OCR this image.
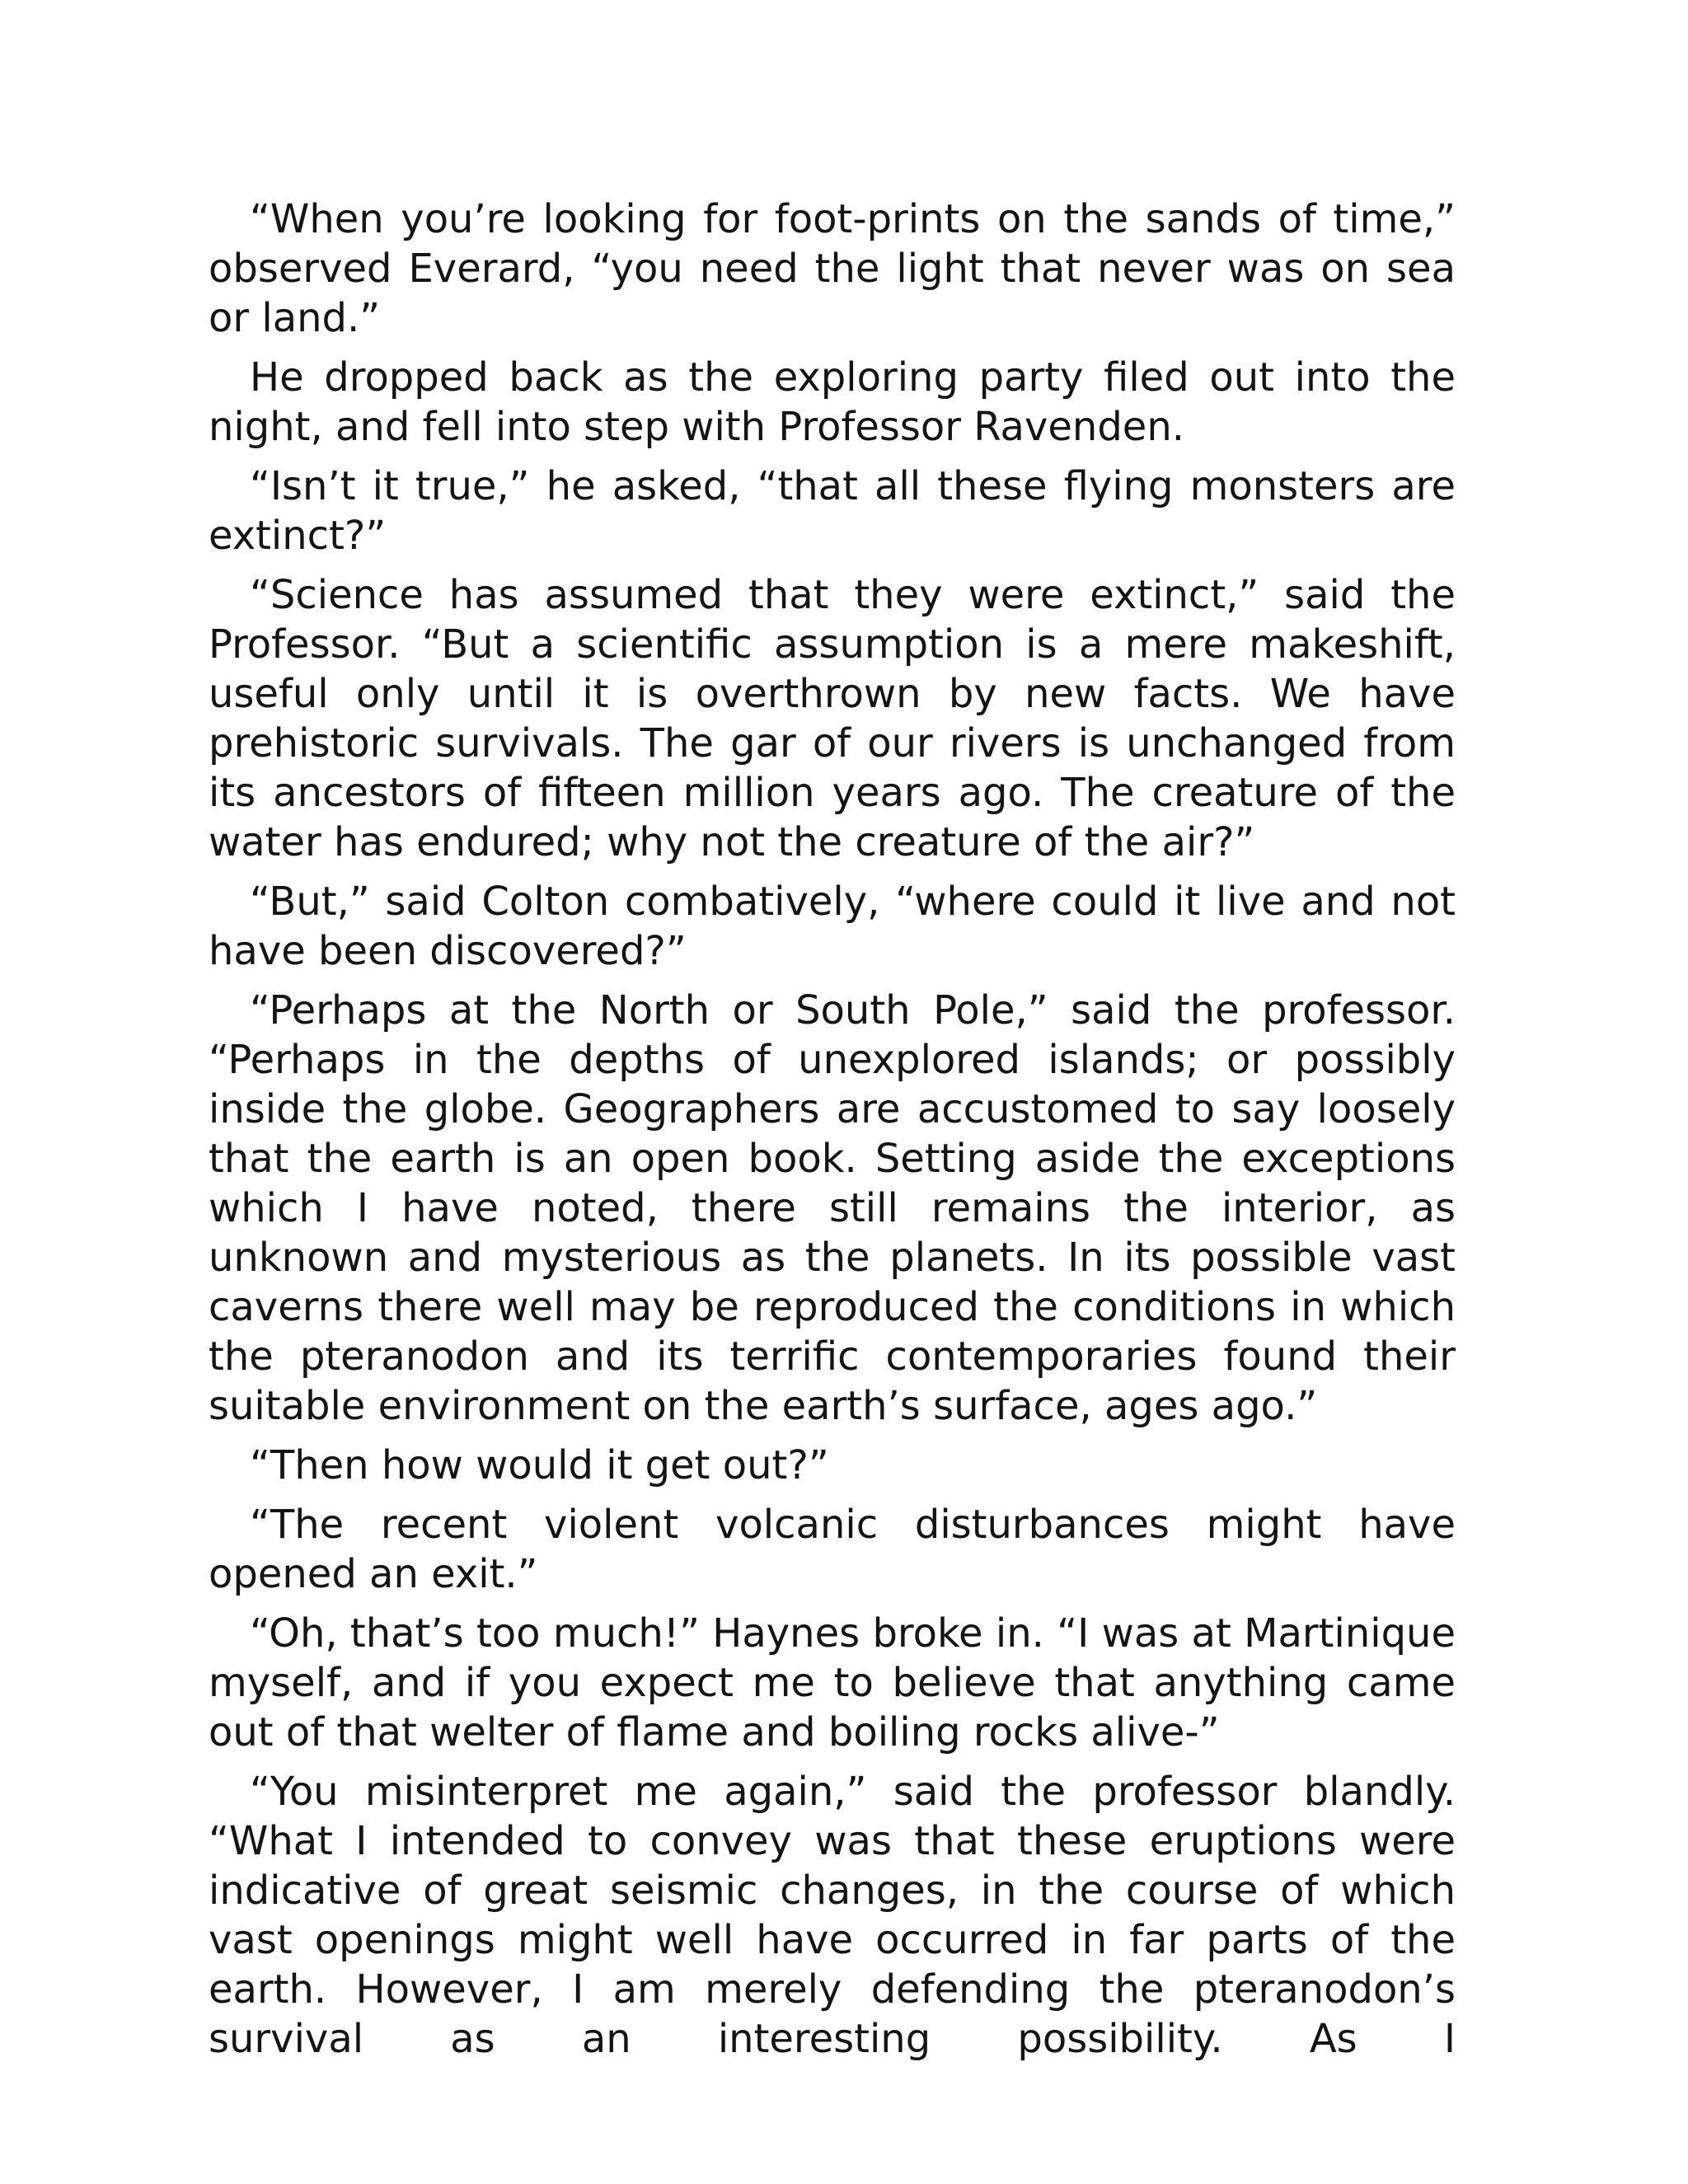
“When you’re looking for foot-prints on the sands of time,” observed Everard, “you need the light that never was on sea or land.”

He dropped back as the exploring party filed out into the night, and fell into step with Professor Ravenden.

“Isn’t it true,” he asked, “that all these flying monsters are extinct?”

“Science has assumed that they were extinct,” said the Professor. “But a scientific assumption is a mere makeshift, useful only until it is overthrown by new facts. We have prehistoric survivals. The gar of our rivers is unchanged from its ancestors of fifteen million years ago. The creature of the water has endured; why not the creature of the air?”

“But,” said Colton combatively, “where could it live and not have been discovered?”

“Perhaps at the North or South Pole,” said the professor. “Perhaps in the depths of unexplored islands; or possibly inside the globe. Geographers are accustomed to say loosely that the earth is an open book. Setting aside the exceptions which I have noted, there still remains the interior, as unknown and mysterious as the planets. In its possible vast caverns there well may be reproduced the conditions in which the pteranodon and its terrific contemporaries found their suitable environment on the earth’s surface, ages ago.”

“Then how would it get out?”

“The recent violent volcanic disturbances might have opened an exit.”

“Oh, that’s too much!” Haynes broke in. “I was at Martinique myself, and if you expect me to believe that anything came out of that welter of flame and boiling rocks alive-”

“You misinterpret me again,” said the professor blandly. “What I intended to convey was that these eruptions were indicative of great seismic changes, in the course of which vast openings might well have occurred in far parts of the earth. However, I am merely defending the pteranodon’s survival as an interesting possibility. As I
